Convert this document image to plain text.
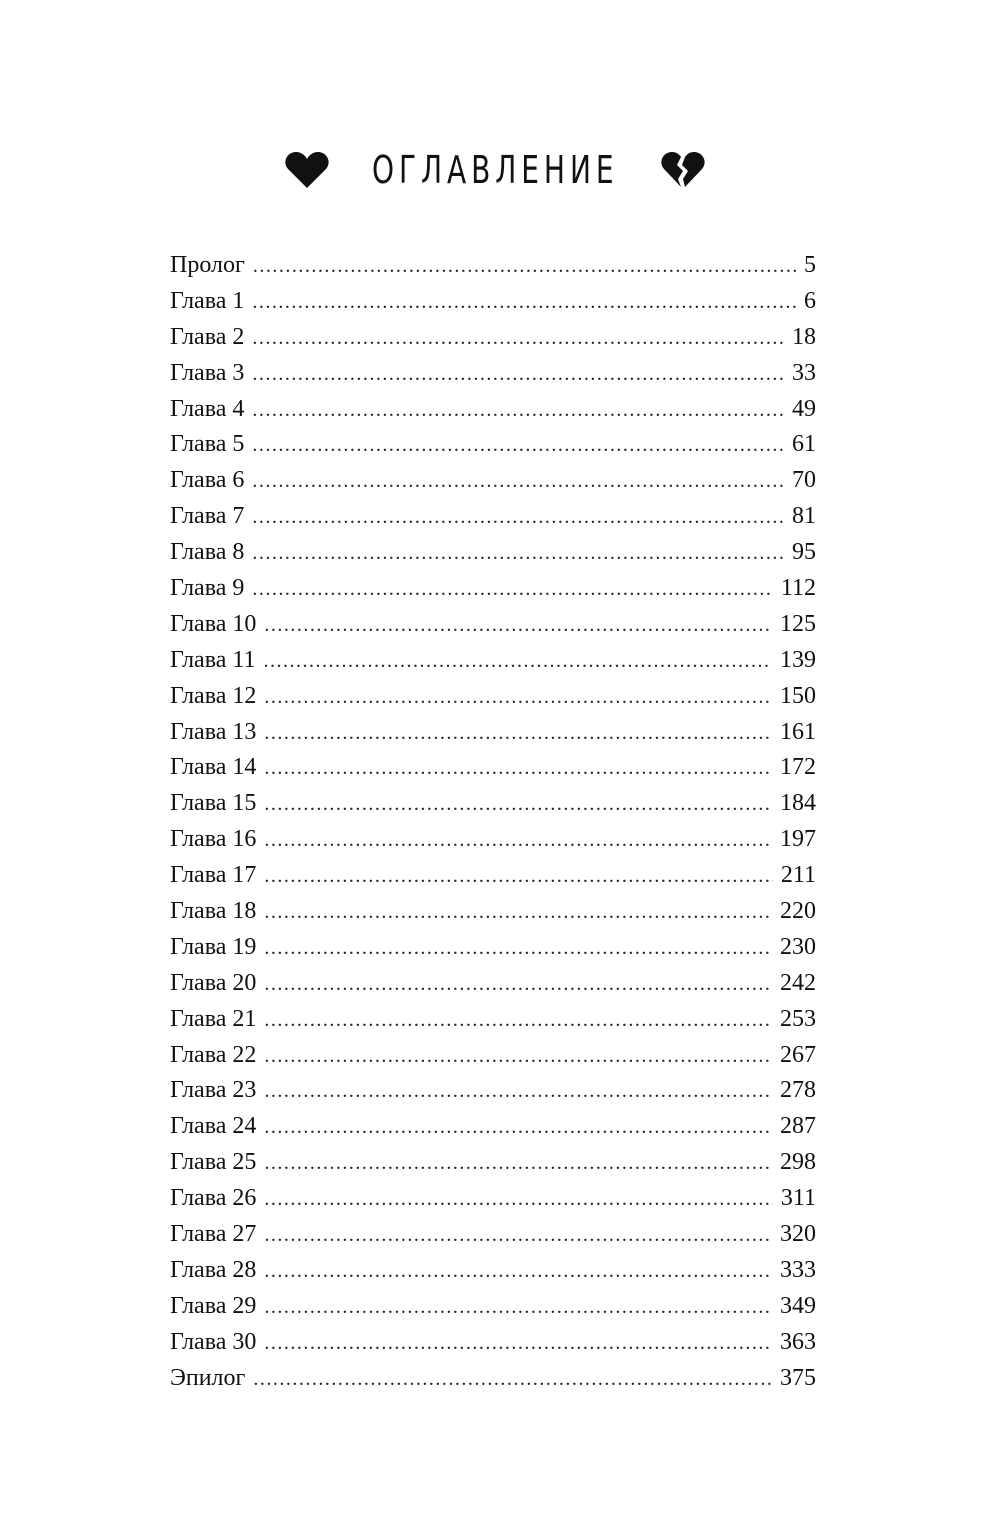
ОГЛАВЛЕНИЕ
Пролог .....	5
Глава 1 .....	6
Глава 2 .....	18
Глава 3 .....	33
Глава 4 .....	49
Глава 5 .....	61
Глава 6 .....	70
Глава 7 .....	81
Глава 8 .....	95
Глава 9 .....	112
Глава 10 .....	125
Глава 11 .....	139
Глава 12 .....	150
Глава 13 .....	161
Глава 14 .....	172
Глава 15 .....	184
Глава 16 .....	197
Глава 17 .....	211
Глава 18 .....	220
Глава 19 .....	230
Глава 20 .....	242
Глава 21 .....	253
Глава 22 .....	267
Глава 23 .....	278
Глава 24 .....	287
Глава 25 .....	298
Глава 26 .....	311
Глава 27 .....	320
Глава 28 .....	333
Глава 29 .....	349
Глава 30 .....	363
Эпилог .....	375
